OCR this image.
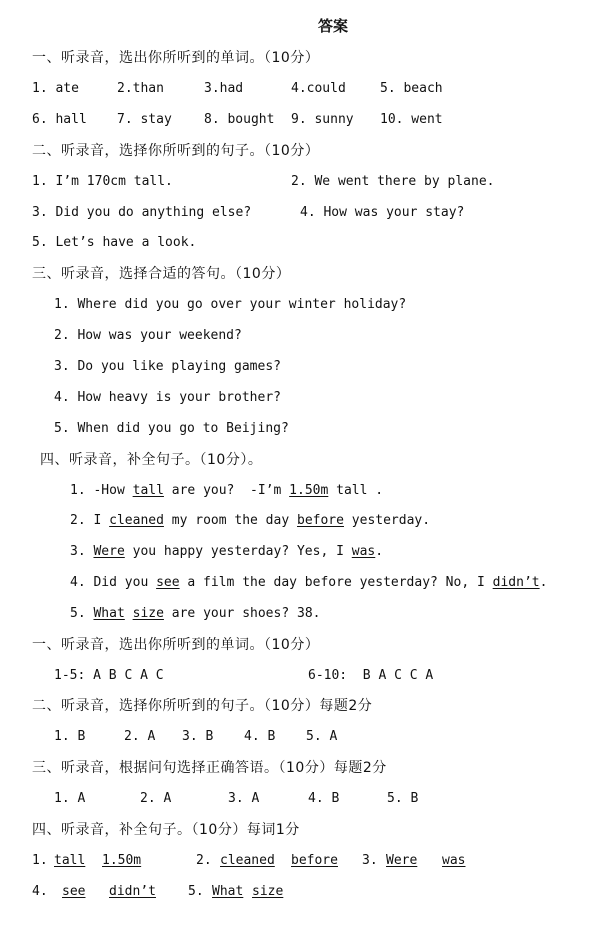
答案
一、听录音，选出你所听到的单词。（10分）
1. ate	2.than	3.had	4.could	5. beach
6. hall 7. stay 8. bought 9. sunny 10. went
二、听录音，选择你所听到的句子。（10分）
1. I’m 170cm tall.	2. We went there by plane.
3. Did you do anything else?	4. How was your stay?
5. Let’s have a look.
三、听录音，选择合适的答句。（10分）
1. Where did you go over your winter holiday?
2. How was your weekend?
3. Do you like playing games?
4. How heavy is your brother?
5. When did you go to Beijing?
四、听录音，补全句子。（10分）。
1. -How tall are you?  -I’m 1.50m tall .
2. I cleaned my room the day before yesterday.
3. Were you happy yesterday? Yes, I was.
4. Did you see a film the day before yesterday? No, I didn’t.
5. What size are your shoes? 38.
一、听录音，选出你所听到的单词。（10分）
1-5: A B C A C	6-10:  B A C C A
二、听录音，选择你所听到的句子。（10分）每题2分
1. B	2. A 3. B 4. B 5. A
三、听录音，根据问句选择正确答语。（10分）每题2分
1. A	2. A	3. A	4. B	5. B
四、听录音，补全句子。（10分）每词1分
1. tall 1.50m	2. cleaned before 3. Were was
4. see didn’t 5. What size
